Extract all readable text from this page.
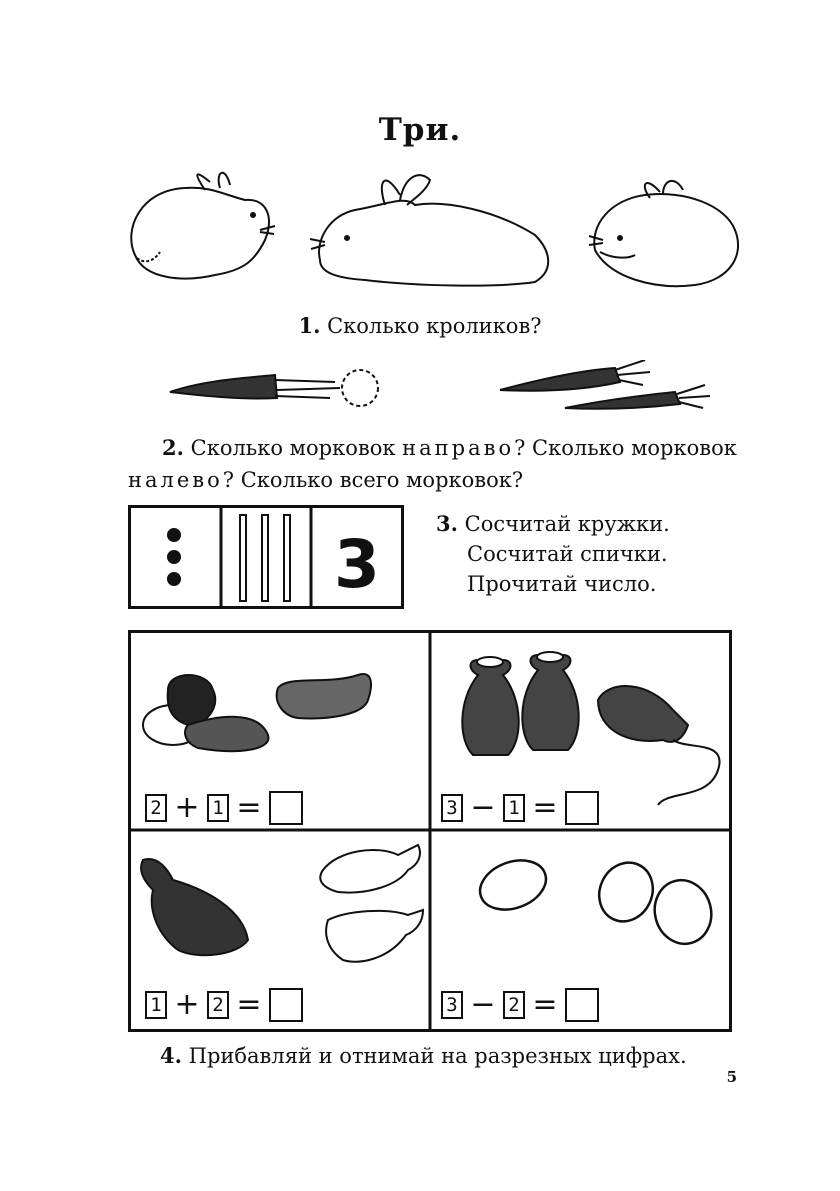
Три.
1. Сколько кроликов?
2. Сколько морковок направо? Сколько морковок
налево? Сколько всего морковок?
3
3. Сосчитай кружки.
Сосчитай спички.
Прочитай число.
2 + 1 =	3 − 1 =
1 + 2 =	3 − 2 =
4. Прибавляй и отнимай на разрезных цифрах.
5
